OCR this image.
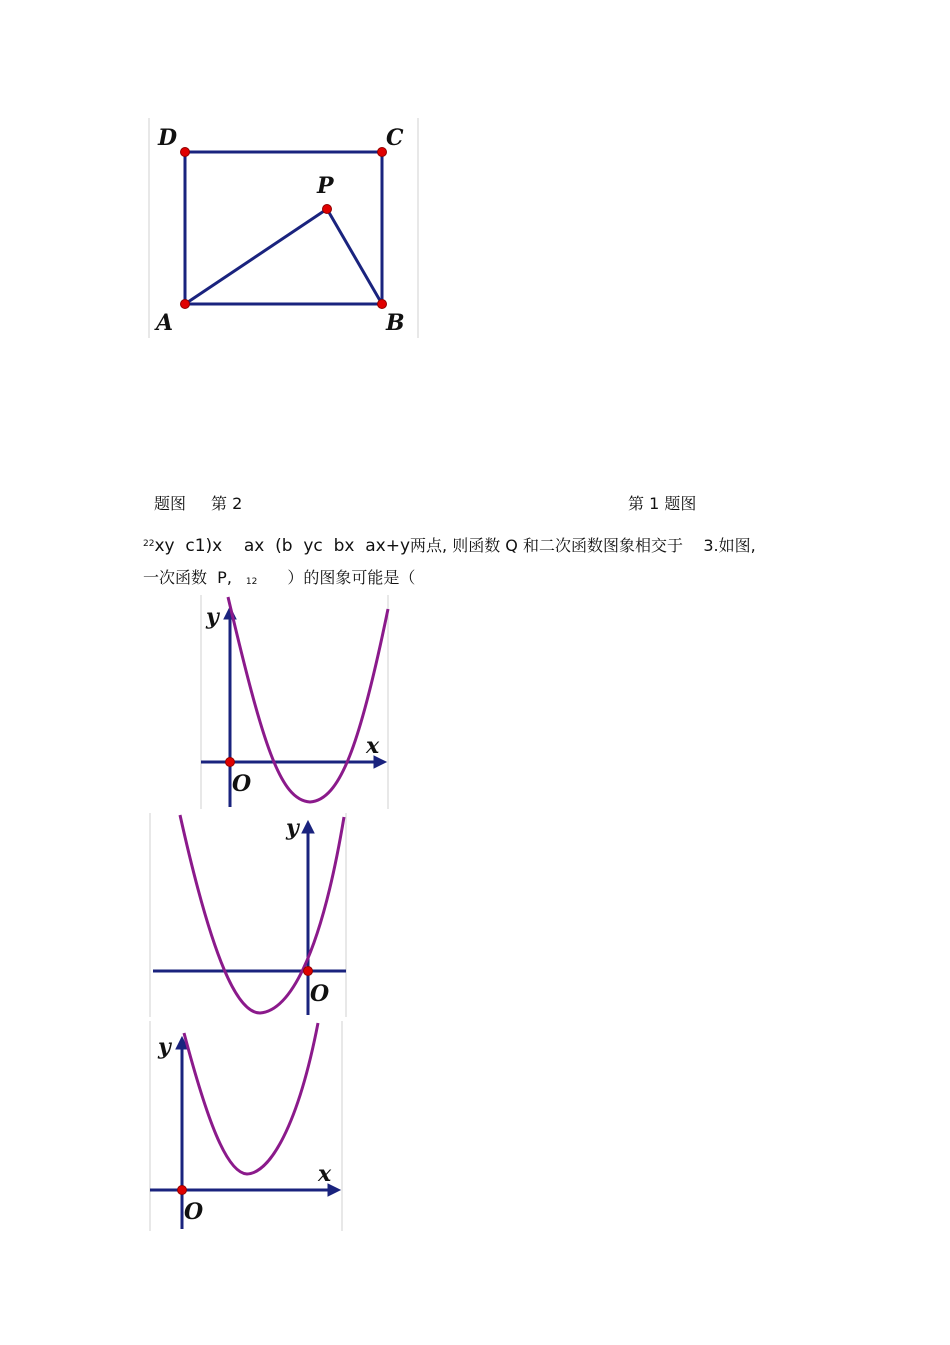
D	C
P
A	B
题图 第 2	第 1 题图
$^{22}$xy  c1)x    ax  (b  yc  bx  ax+y两点, 则函数 Q 和二次函数图象相交于    3.如图,
一次函数  P, 12 ）的图象可能是（
y
x
O
y
O
y
x
O
